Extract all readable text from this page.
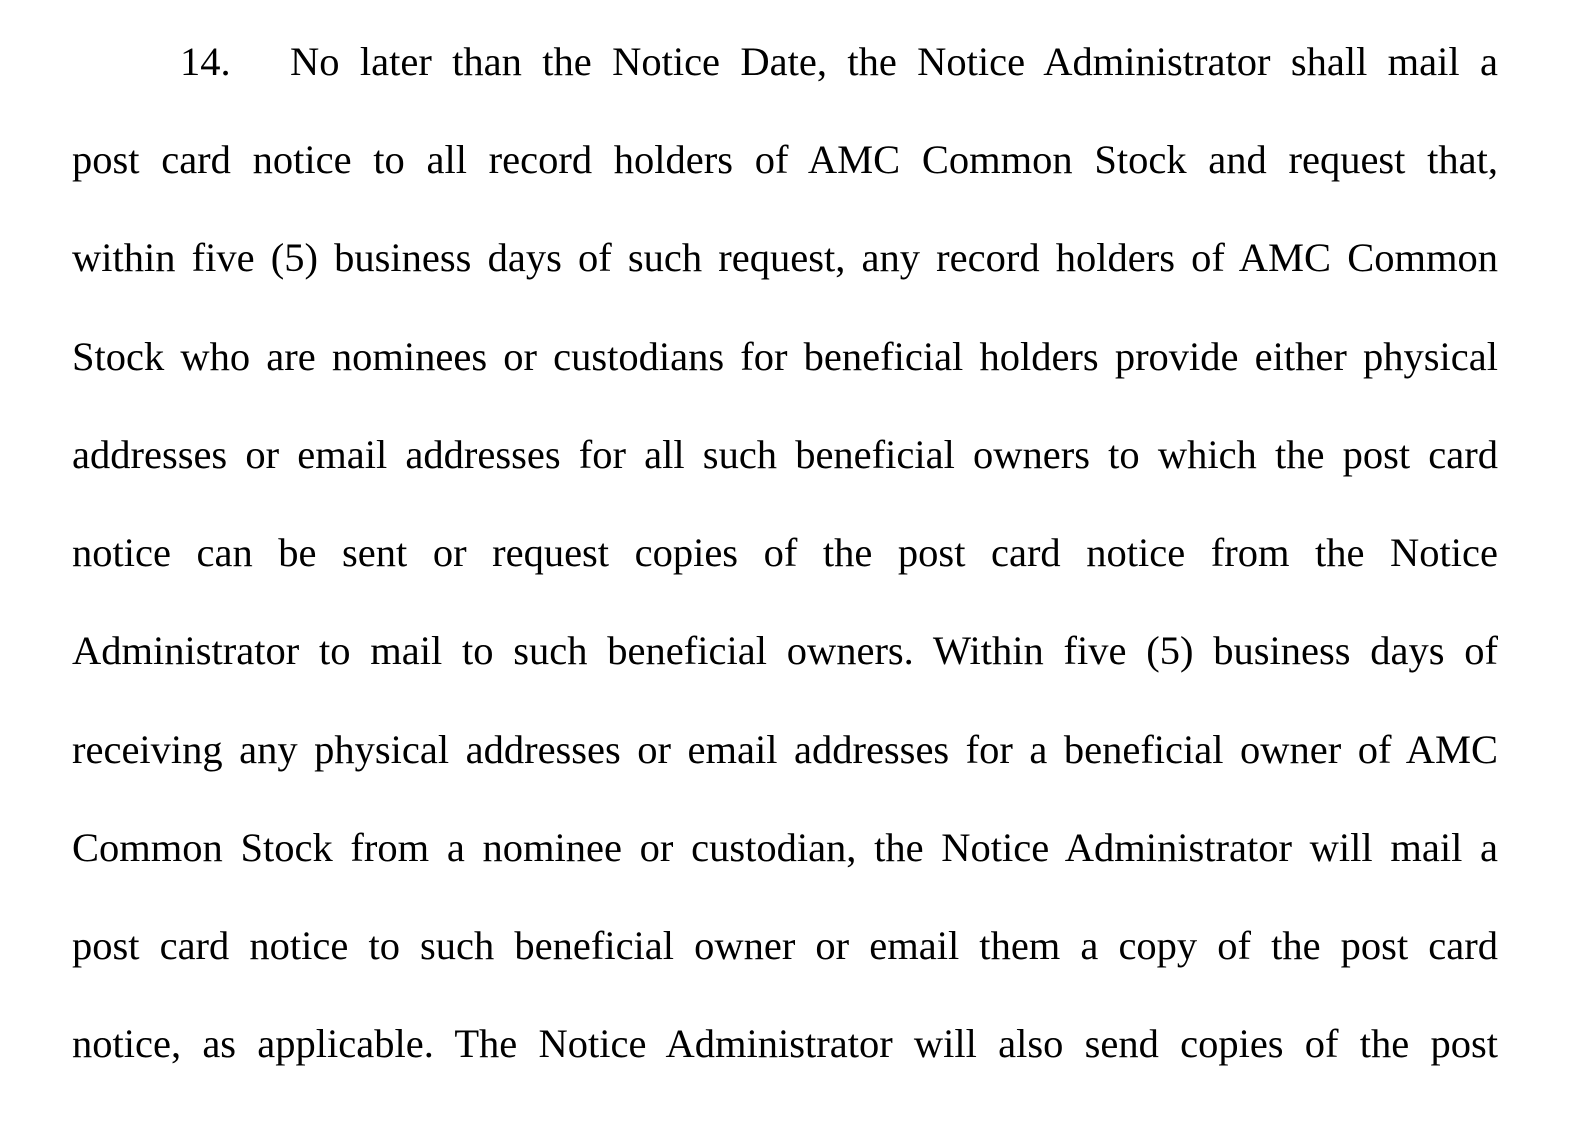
14.	No later than the Notice Date, the Notice Administrator shall mail a
post card notice to all record holders of AMC Common Stock and request that,
within five (5) business days of such request, any record holders of AMC Common
Stock who are nominees or custodians for beneficial holders provide either physical
addresses or email addresses for all such beneficial owners to which the post card
notice can be sent or request copies of the post card notice from the Notice
Administrator to mail to such beneficial owners. Within five (5) business days of
receiving any physical addresses or email addresses for a beneficial owner of AMC
Common Stock from a nominee or custodian, the Notice Administrator will mail a
post card notice to such beneficial owner or email them a copy of the post card
notice, as applicable. The Notice Administrator will also send copies of the post
